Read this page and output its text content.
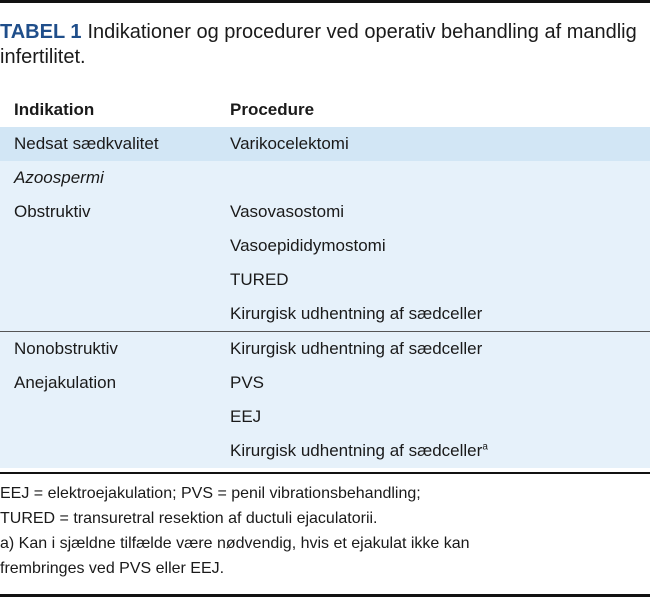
TABEL 1 Indikationer og procedurer ved operativ behandling af mandlig infertilitet.
Indikation	Procedure
Nedsat sædkvalitet	Varikocelektomi
Azoospermi	
Obstruktiv	Vasovasostomi
	Vasoepididymostomi
	TURED
	Kirurgisk udhentning af sædceller
Nonobstruktiv	Kirurgisk udhentning af sædceller
Anejakulation	PVS
	EEJ
	Kirurgisk udhentning af sædceller$^a$
EEJ = elektroejakulation; PVS = penil vibrationsbehandling;
TURED = transuretral resektion af ductuli ejaculatorii.
a) Kan i sjældne tilfælde være nødvendig, hvis et ejakulat ikke kan
frembringes ved PVS eller EEJ.
